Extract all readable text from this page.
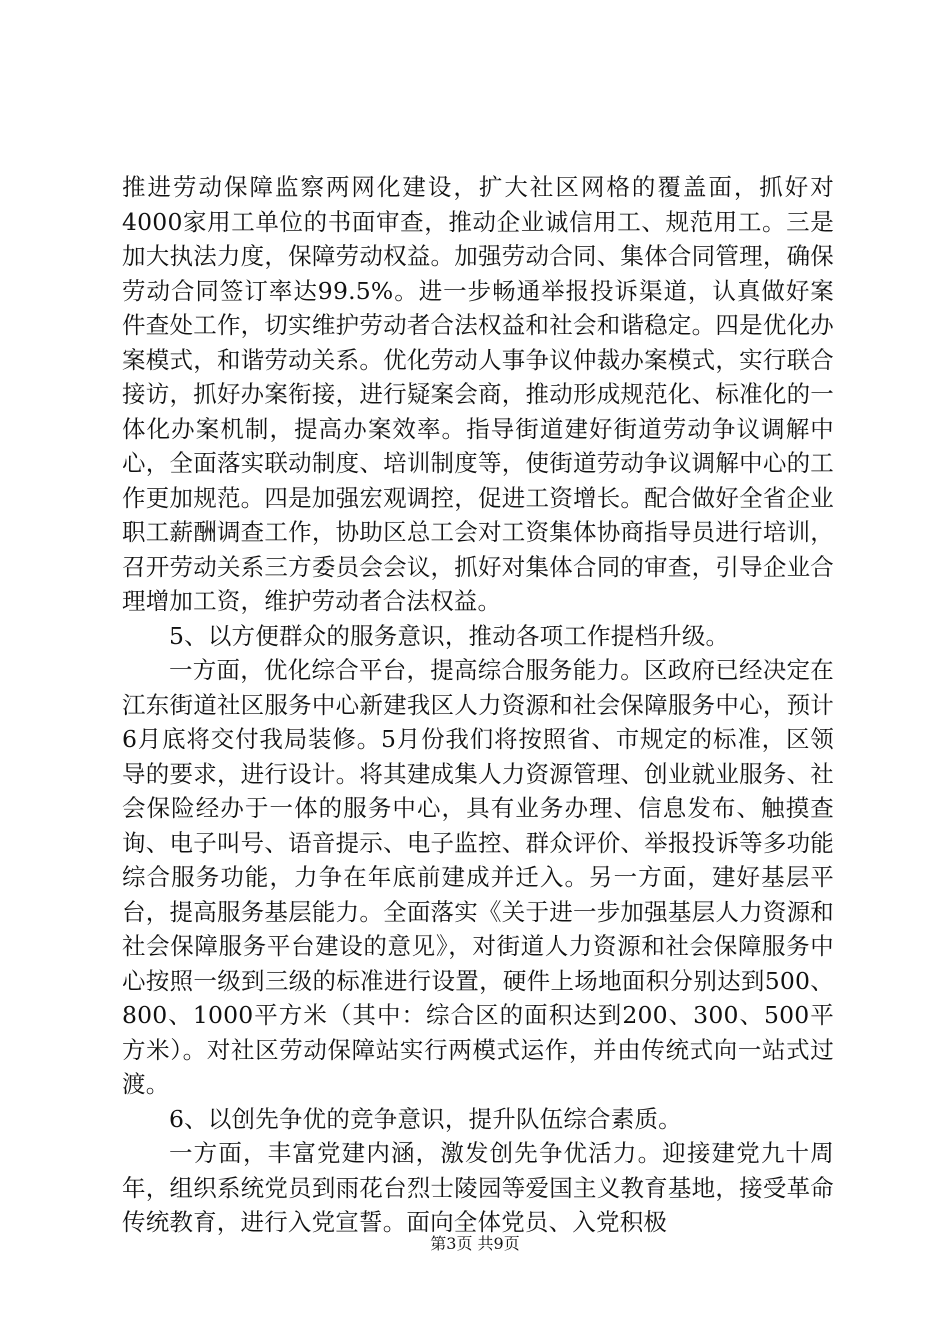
推进劳动保障监察两网化建设，扩大社区网格的覆盖面，抓好对4000家用工单位的书面审查，推动企业诚信用工、规范用工。三是加大执法力度，保障劳动权益。加强劳动合同、集体合同管理，确保劳动合同签订率达99.5%。进一步畅通举报投诉渠道，认真做好案件查处工作，切实维护劳动者合法权益和社会和谐稳定。四是优化办案模式，和谐劳动关系。优化劳动人事争议仲裁办案模式，实行联合接访，抓好办案衔接，进行疑案会商，推动形成规范化、标准化的一体化办案机制，提高办案效率。指导街道建好街道劳动争议调解中心，全面落实联动制度、培训制度等，使街道劳动争议调解中心的工作更加规范。四是加强宏观调控，促进工资增长。配合做好全省企业职工薪酬调查工作，协助区总工会对工资集体协商指导员进行培训，召开劳动关系三方委员会会议，抓好对集体合同的审查，引导企业合理增加工资，维护劳动者合法权益。

5、以方便群众的服务意识，推动各项工作提档升级。

一方面，优化综合平台，提高综合服务能力。区政府已经决定在江东街道社区服务中心新建我区人力资源和社会保障服务中心，预计6月底将交付我局装修。5月份我们将按照省、市规定的标准，区领导的要求，进行设计。将其建成集人力资源管理、创业就业服务、社会保险经办于一体的服务中心，具有业务办理、信息发布、触摸查询、电子叫号、语音提示、电子监控、群众评价、举报投诉等多功能综合服务功能，力争在年底前建成并迁入。另一方面，建好基层平台，提高服务基层能力。全面落实《关于进一步加强基层人力资源和社会保障服务平台建设的意见》，对街道人力资源和社会保障服务中心按照一级到三级的标准进行设置，硬件上场地面积分别达到500、800、1000平方米（其中：综合区的面积达到200、300、500平方米）。对社区劳动保障站实行两模式运作，并由传统式向一站式过渡。

6、以创先争优的竞争意识，提升队伍综合素质。

一方面，丰富党建内涵，激发创先争优活力。迎接建党九十周年，组织系统党员到雨花台烈士陵园等爱国主义教育基地，接受革命传统教育，进行入党宣誓。面向全体党员、入党积极

第3页 共9页
